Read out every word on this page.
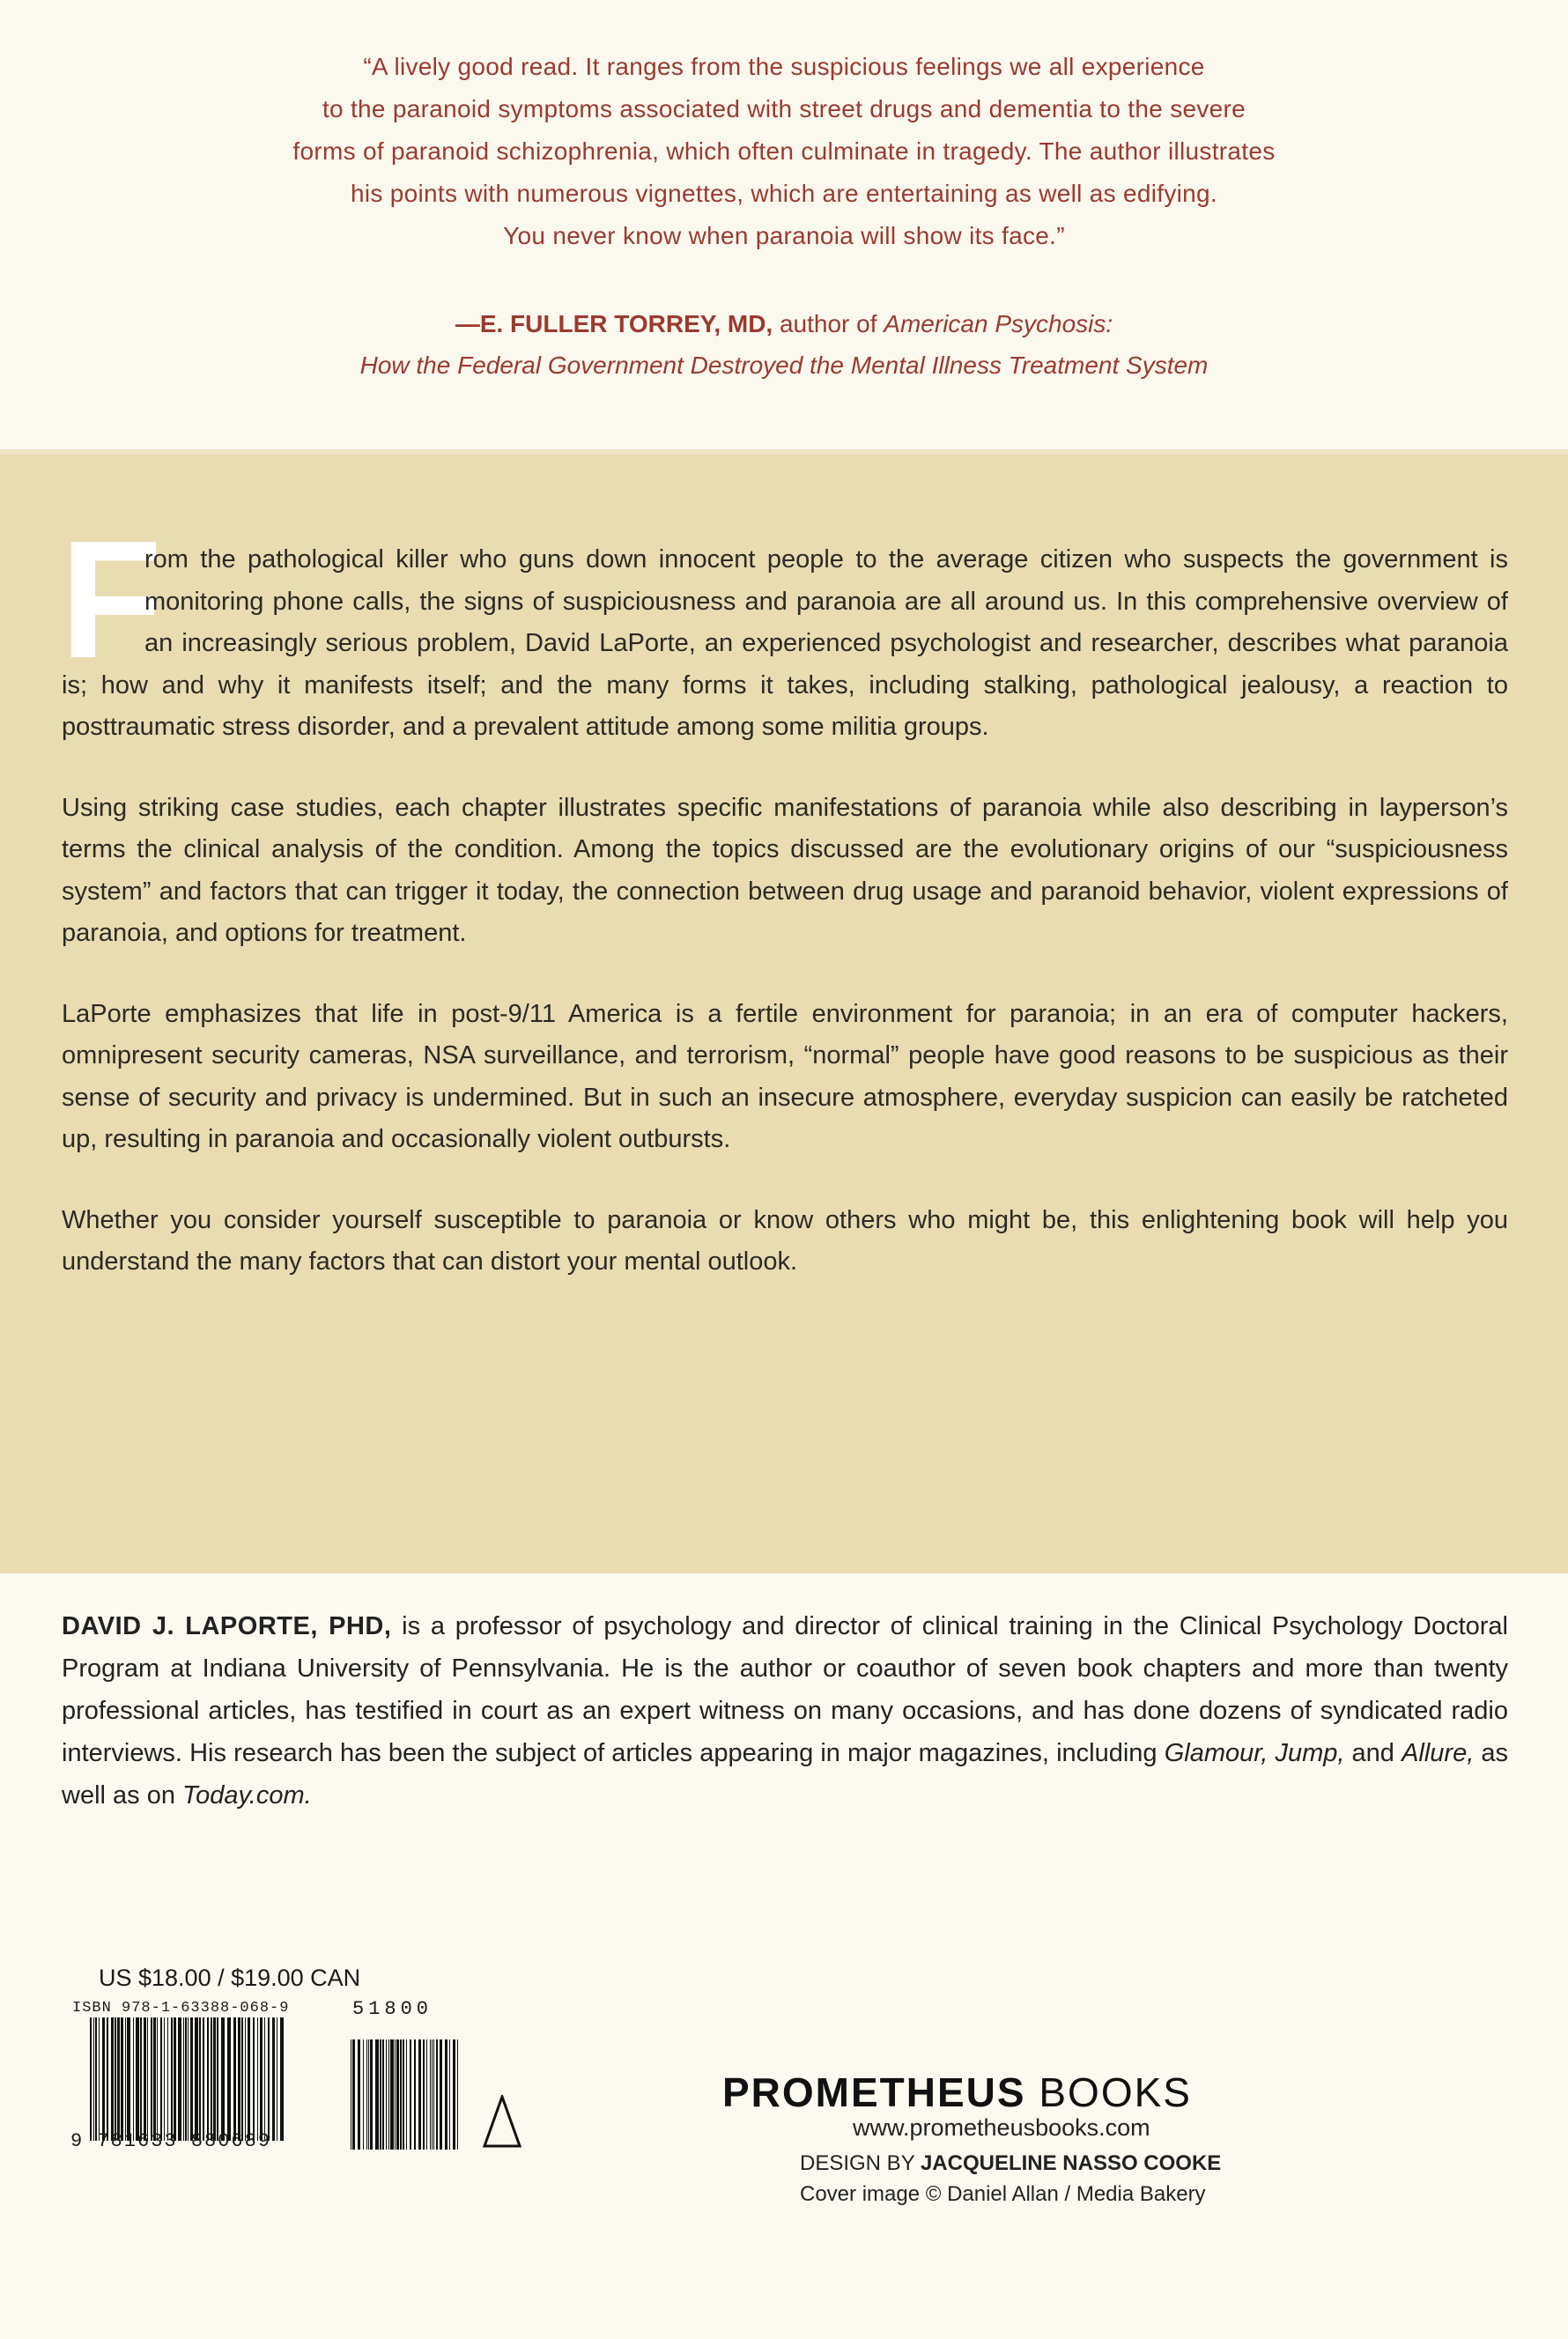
“A lively good read. It ranges from the suspicious feelings we all experience

to the paranoid symptoms associated with street drugs and dementia to the severe

forms of paranoid schizophrenia, which often culminate in tragedy. The author illustrates

his points with numerous vignettes, which are entertaining as well as edifying.

You never know when paranoia will show its face.”

—E. FULLER TORREY, MD, author of American Psychosis:
How the Federal Government Destroyed the Mental Illness Treatment System

F
rom the pathological killer who guns down innocent people to the average citizen who suspects the government is monitoring phone calls, the signs of suspiciousness and paranoia are all around us. In this comprehensive overview of an increasingly serious problem, David LaPorte, an experienced psychologist and researcher, describes what paranoia is; how and why it manifests itself; and the many forms it takes, including stalking, pathological jealousy, a reaction to posttraumatic stress disorder, and a prevalent attitude among some militia groups.

Using striking case studies, each chapter illustrates specific manifestations of paranoia while also describing in layperson’s terms the clinical analysis of the condition. Among the topics discussed are the evolutionary origins of our “suspiciousness system” and factors that can trigger it today, the connection between drug usage and paranoid behavior, violent expressions of paranoia, and options for treatment.

LaPorte emphasizes that life in post-9/11 America is a fertile environment for paranoia; in an era of computer hackers, omnipresent security cameras, NSA surveillance, and terrorism, “normal” people have good reasons to be suspicious as their sense of security and privacy is undermined. But in such an insecure atmosphere, everyday suspicion can easily be ratcheted up, resulting in paranoia and occasionally violent outbursts.

Whether you consider yourself susceptible to paranoia or know others who might be, this enlightening book will help you understand the many factors that can distort your mental outlook.

DAVID J. LAPORTE, PHD, is a professor of psychology and director of clinical training in the Clinical Psychology Doctoral Program at Indiana University of Pennsylvania. He is the author or coauthor of seven book chapters and more than twenty professional articles, has testified in court as an expert witness on many occasions, and has done dozens of syndicated radio interviews. His research has been the subject of articles appearing in major magazines, including Glamour, Jump, and Allure, as well as on Today.com.
US $18.00 / $19.00 CAN
ISBN 978-1-63388-068-9	51800
9 781633 880689
PROMETHEUS BOOKS
www.prometheusbooks.com
DESIGN BY JACQUELINE NASSO COOKE
Cover image © Daniel Allan / Media Bakery
